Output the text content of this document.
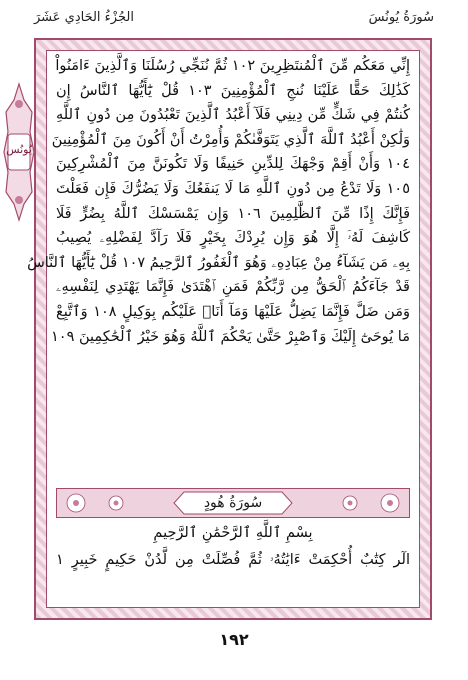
سُورَةُ يُونُسَ
الجُزْءُ الحَادِي عَشَرَ
يُونُس
إِنِّي مَعَكُم مِّنَ ٱلْمُنتَظِرِينَ ١٠٢ ثُمَّ نُنَجِّي رُسُلَنَا وَٱلَّذِينَ ءَامَنُواْ
كَذَٰلِكَ حَقًّا عَلَيْنَا نُنجِ ٱلْمُؤْمِنِينَ ١٠٣ قُلْ يَٰٓأَيُّهَا ٱلنَّاسُ إِن
كُنتُمْ فِي شَكٍّ مِّن دِينِي فَلَآ أَعْبُدُ ٱلَّذِينَ تَعْبُدُونَ مِن دُونِ ٱللَّهِ
وَلَٰكِنْ أَعْبُدُ ٱللَّهَ ٱلَّذِي يَتَوَفَّىٰكُمْ وَأُمِرْتُ أَنْ أَكُونَ مِنَ ٱلْمُؤْمِنِينَ
١٠٤ وَأَنْ أَقِمْ وَجْهَكَ لِلدِّينِ حَنِيفًا وَلَا تَكُونَنَّ مِنَ ٱلْمُشْرِكِينَ
١٠٥ وَلَا تَدْعُ مِن دُونِ ٱللَّهِ مَا لَا يَنفَعُكَ وَلَا يَضُرُّكَ فَإِن فَعَلْتَ
فَإِنَّكَ إِذًا مِّنَ ٱلظَّٰلِمِينَ ١٠٦ وَإِن يَمْسَسْكَ ٱللَّهُ بِضُرٍّ فَلَا
كَاشِفَ لَهُۥٓ إِلَّا هُوَ وَإِن يُرِدْكَ بِخَيْرٍ فَلَا رَآدَّ لِفَضْلِهِۦ يُصِيبُ
بِهِۦ مَن يَشَآءُ مِنْ عِبَادِهِۦ وَهُوَ ٱلْغَفُورُ ٱلرَّحِيمُ ١٠٧ قُلْ يَٰٓأَيُّهَا ٱلنَّاسُ
قَدْ جَآءَكُمُ ٱلْحَقُّ مِن رَّبِّكُمْ فَمَنِ ٱهْتَدَىٰ فَإِنَّمَا يَهْتَدِي لِنَفْسِهِۦ
وَمَن ضَلَّ فَإِنَّمَا يَضِلُّ عَلَيْهَا وَمَآ أَنَا۠ عَلَيْكُم بِوَكِيلٍ ١٠٨ وَٱتَّبِعْ
مَا يُوحَىٰٓ إِلَيْكَ وَٱصْبِرْ حَتَّىٰ يَحْكُمَ ٱللَّهُ وَهُوَ خَيْرُ ٱلْحَٰكِمِينَ ١٠٩
سُورَةُ هُودٍ
بِسْمِ ٱللَّهِ ٱلرَّحْمَٰنِ ٱلرَّحِيمِ
الٓر كِتَٰبٌ أُحْكِمَتْ ءَايَٰتُهُۥ ثُمَّ فُصِّلَتْ مِن لَّدُنْ حَكِيمٍ خَبِيرٍ ١
١٩٢
